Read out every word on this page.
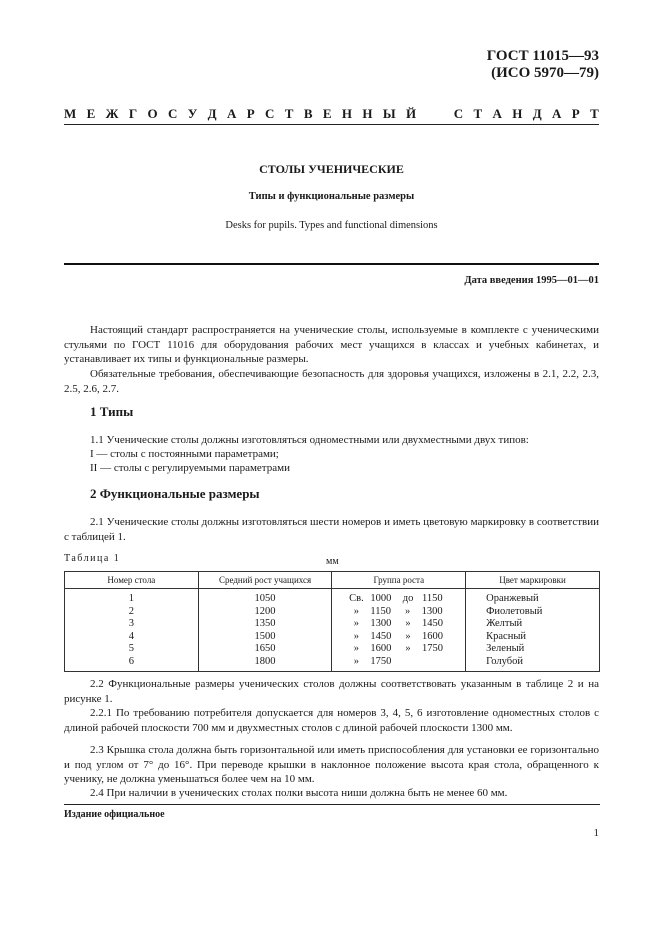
ГОСТ 11015—93
(ИСО 5970—79)
М Е Ж Г О С У Д А Р С Т В Е Н Н Ы Й

	С Т А Н Д А Р Т
СТОЛЫ УЧЕНИЧЕСКИЕ
Типы и функциональные размеры
Desks for pupils. Types and functional dimensions
Дата введения 1995—01—01

Настоящий стандарт распространяется на ученические столы, используемые в комплекте с ученическими стульями по ГОСТ 11016 для оборудования рабочих мест учащихся в классах и учебных кабинетах, и устанавливает их типы и функциональные размеры.

Обязательные требования, обеспечивающие безопасность для здоровья учащихся, изложены в 2.1, 2.2, 2.3, 2.5, 2.6, 2.7.

1 Типы

1.1 Ученические столы должны изготовляться одноместными или двухместными двух типов:

I — столы с постоянными параметрами;
II — столы с регулируемыми параметрами
2 Функциональные размеры

2.1 Ученические столы должны изготовляться шести номеров и иметь цветовую маркировку в соответствии с таблицей 1.

Таблица 1	мм
Номер стола	Средний рост учащихся	Группа роста	Цвет маркировки
1	1050	Св. 1000 до 1150	Оранжевый
2	1200	» 1150 » 1300	Фиолетовый
3	1350	» 1300 » 1450	Желтый
4	1500	» 1450 » 1600	Красный
5	1650	» 1600 » 1750	Зеленый
6	1800	» 1750	Голубой

2.2 Функциональные размеры ученических столов должны соответствовать указанным в таблице 2 и на рисунке 1.

2.2.1 По требованию потребителя допускается для номеров 3, 4, 5, 6 изготовление одноместных столов с длиной рабочей плоскости 700 мм и двухместных столов с длиной рабочей плоскости 1300 мм.

2.3 Крышка стола должна быть горизонтальной или иметь приспособления для установки ее горизонтально и под углом от 7° до 16°. При переводе крышки в наклонное положение высота края стола, обращенного к ученику, не должна уменьшаться более чем на 10 мм.

2.4 При наличии в ученических столах полки высота ниши должна быть не менее 60 мм.

Издание официальное
1
